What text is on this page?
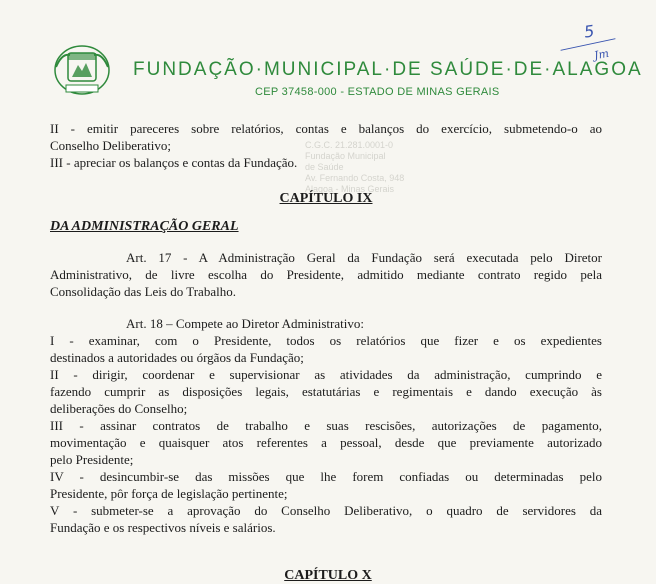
FUNDAÇÃO·MUNICIPAL·DE SAÚDE·DE·ALAGOA
CEP 37458-000 - ESTADO DE MINAS GERAIS
5
Jm
C.G.C. 21.281.0001-0
Fundação Municipal
de Saúde
Av. Fernando Costa, 948
Alagoa - Minas Gerais
II - emitir pareceres sobre relatórios, contas e balanços do exercício, submetendo-o ao
Conselho Deliberativo;
III - apreciar os balanços e contas da Fundação.
CAPÍTULO IX
DA ADMINISTRAÇÃO GERAL
Art. 17 - A Administração Geral da Fundação será executada pelo Diretor
Administrativo, de livre escolha do Presidente, admitido mediante contrato regido pela
Consolidação das Leis do Trabalho.
Art. 18 – Compete ao Diretor Administrativo:
I - examinar, com o Presidente, todos os relatórios que fizer e os expedientes
destinados a autoridades ou órgãos da Fundação;
II - dirigir, coordenar e supervisionar as atividades da administração, cumprindo e
fazendo cumprir as disposições legais, estatutárias e regimentais e dando execução às
deliberações do Conselho;
III - assinar contratos de trabalho e suas rescisões, autorizações de pagamento,
movimentação e quaisquer atos referentes a pessoal, desde que previamente autorizado
pelo Presidente;
IV - desincumbir-se das missões que lhe forem confiadas ou determinadas pelo
Presidente, pôr força de legislação pertinente;
V - submeter-se a aprovação do Conselho Deliberativo, o quadro de servidores da
Fundação e os respectivos níveis e salários.
CAPÍTULO X
